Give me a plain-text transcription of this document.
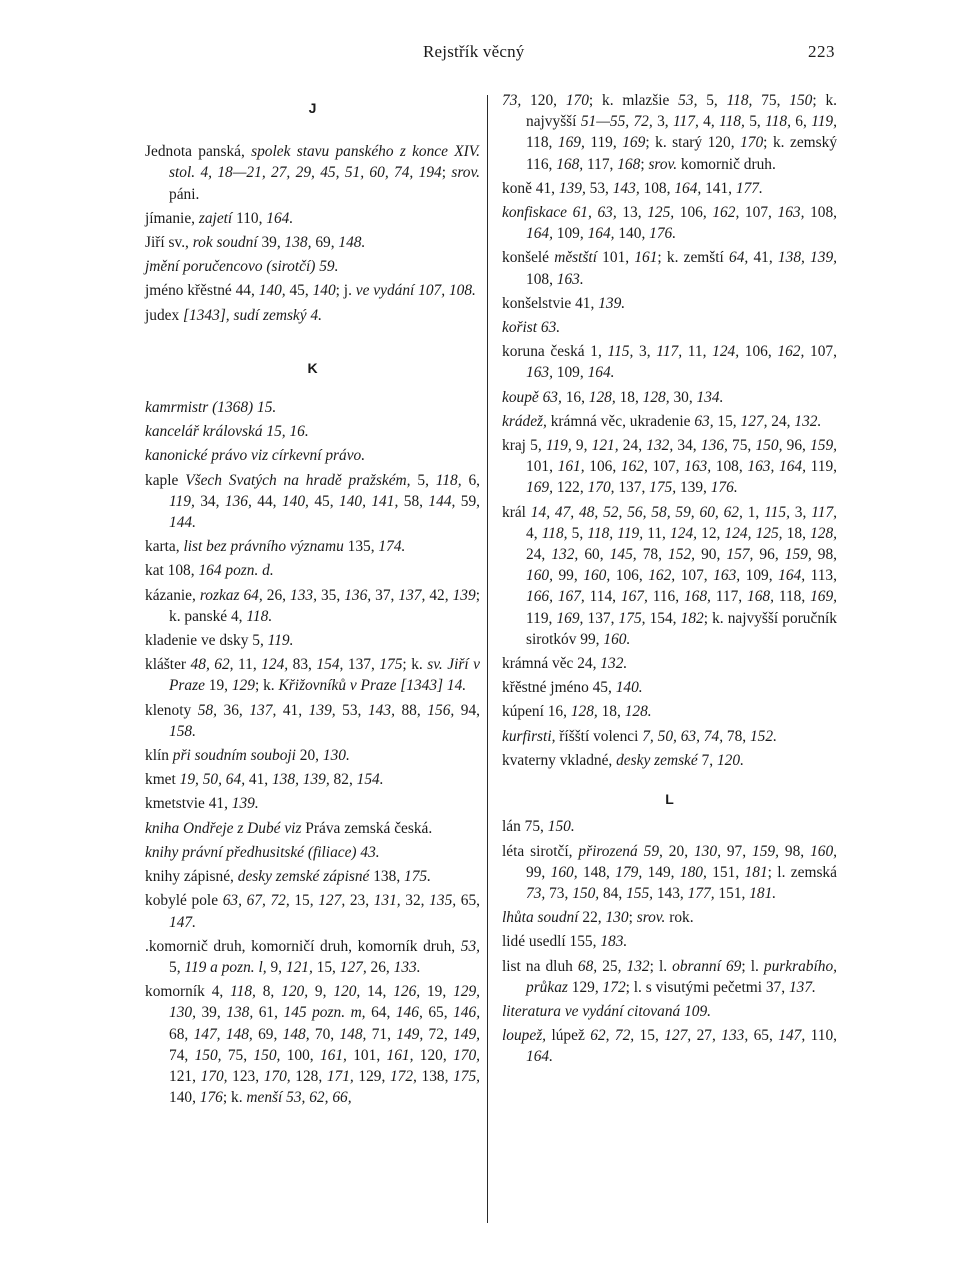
Rejstřík věcný	223
J
Jednota panská, spolek stavu panského z konce XIV. stol. 4, 18—21, 27, 29, 45, 51, 60, 74, 194; srov. páni.
jímanie, zajetí 110, 164.
Jiří sv., rok soudní 39, 138, 69, 148.
jmění poručencovo (sirotčí) 59.
jméno křěstné 44, 140, 45, 140; j. ve vydání 107, 108.
judex [1343], sudí zemský 4.
K
kamrmistr (1368) 15.
kancelář královská 15, 16.
kanonické právo viz církevní právo.
kaple Všech Svatých na hradě pražském, 5, 118, 6, 119, 34, 136, 44, 140, 45, 140, 141, 58, 144, 59, 144.
karta, list bez právního významu 135, 174.
kat 108, 164 pozn. d.
kázanie, rozkaz 64, 26, 133, 35, 136, 37, 137, 42, 139; k. panské 4, 118.
kladenie ve dsky 5, 119.
klášter 48, 62, 11, 124, 83, 154, 137, 175; k. sv. Jiří v Praze 19, 129; k. Křižovníků v Praze [1343] 14.
klenoty 58, 36, 137, 41, 139, 53, 143, 88, 156, 94, 158.
klín při soudním souboji 20, 130.
kmet 19, 50, 64, 41, 138, 139, 82, 154.
kmetstvie 41, 139.
kniha Ondřeje z Dubé viz Práva zemská česká.
knihy právní předhusitské (filiace) 43.
knihy zápisné, desky zemské zápisné 138, 175.
kobylé pole 63, 67, 72, 15, 127, 23, 131, 32, 135, 65, 147.
.komornič druh, komorničí druh, komorník druh, 53, 5, 119 a pozn. l, 9, 121, 15, 127, 26, 133.
komorník 4, 118, 8, 120, 9, 120, 14, 126, 19, 129, 130, 39, 138, 61, 145 pozn. m, 64, 146, 65, 146, 68, 147, 148, 69, 148, 70, 148, 71, 149, 72, 149, 74, 150, 75, 150, 100, 161, 101, 161, 120, 170, 121, 170, 123, 170, 128, 171, 129, 172, 138, 175, 140, 176; k. menší 53, 62, 66,
73, 120, 170; k. mlazšie 53, 5, 118, 75, 150; k. najvyšší 51—55, 72, 3, 117, 4, 118, 5, 118, 6, 119, 118, 169, 119, 169; k. starý 120, 170; k. zemský 116, 168, 117, 168; srov. komornič druh.
koně 41, 139, 53, 143, 108, 164, 141, 177.
konfiskace 61, 63, 13, 125, 106, 162, 107, 163, 108, 164, 109, 164, 140, 176.
konšelé městští 101, 161; k. zemští 64, 41, 138, 139, 108, 163.
konšelstvie 41, 139.
kořist 63.
koruna česká 1, 115, 3, 117, 11, 124, 106, 162, 107, 163, 109, 164.
koupě 63, 16, 128, 18, 128, 30, 134.
krádež, krámná věc, ukradenie 63, 15, 127, 24, 132.
kraj 5, 119, 9, 121, 24, 132, 34, 136, 75, 150, 96, 159, 101, 161, 106, 162, 107, 163, 108, 163, 164, 119, 169, 122, 170, 137, 175, 139, 176.
král 14, 47, 48, 52, 56, 58, 59, 60, 62, 1, 115, 3, 117, 4, 118, 5, 118, 119, 11, 124, 12, 124, 125, 18, 128, 24, 132, 60, 145, 78, 152, 90, 157, 96, 159, 98, 160, 99, 160, 106, 162, 107, 163, 109, 164, 113, 166, 167, 114, 167, 116, 168, 117, 168, 118, 169, 119, 169, 137, 175, 154, 182; k. najvyšší poručník sirotkóv 99, 160.
krámná věc 24, 132.
křěstné jméno 45, 140.
kúpení 16, 128, 18, 128.
kurfirsti, říšští volenci 7, 50, 63, 74, 78, 152.
kvaterny vkladné, desky zemské 7, 120.
L
lán 75, 150.
léta sirotčí, přirozená 59, 20, 130, 97, 159, 98, 160, 99, 160, 148, 179, 149, 180, 151, 181; l. zemská 73, 73, 150, 84, 155, 143, 177, 151, 181.
lhůta soudní 22, 130; srov. rok.
lidé usedlí 155, 183.
list na dluh 68, 25, 132; l. obranní 69; l. purkrabího, průkaz 129, 172; l. s visutými pečetmi 37, 137.
literatura ve vydání citovaná 109.
loupež, lúpež 62, 72, 15, 127, 27, 133, 65, 147, 110, 164.
